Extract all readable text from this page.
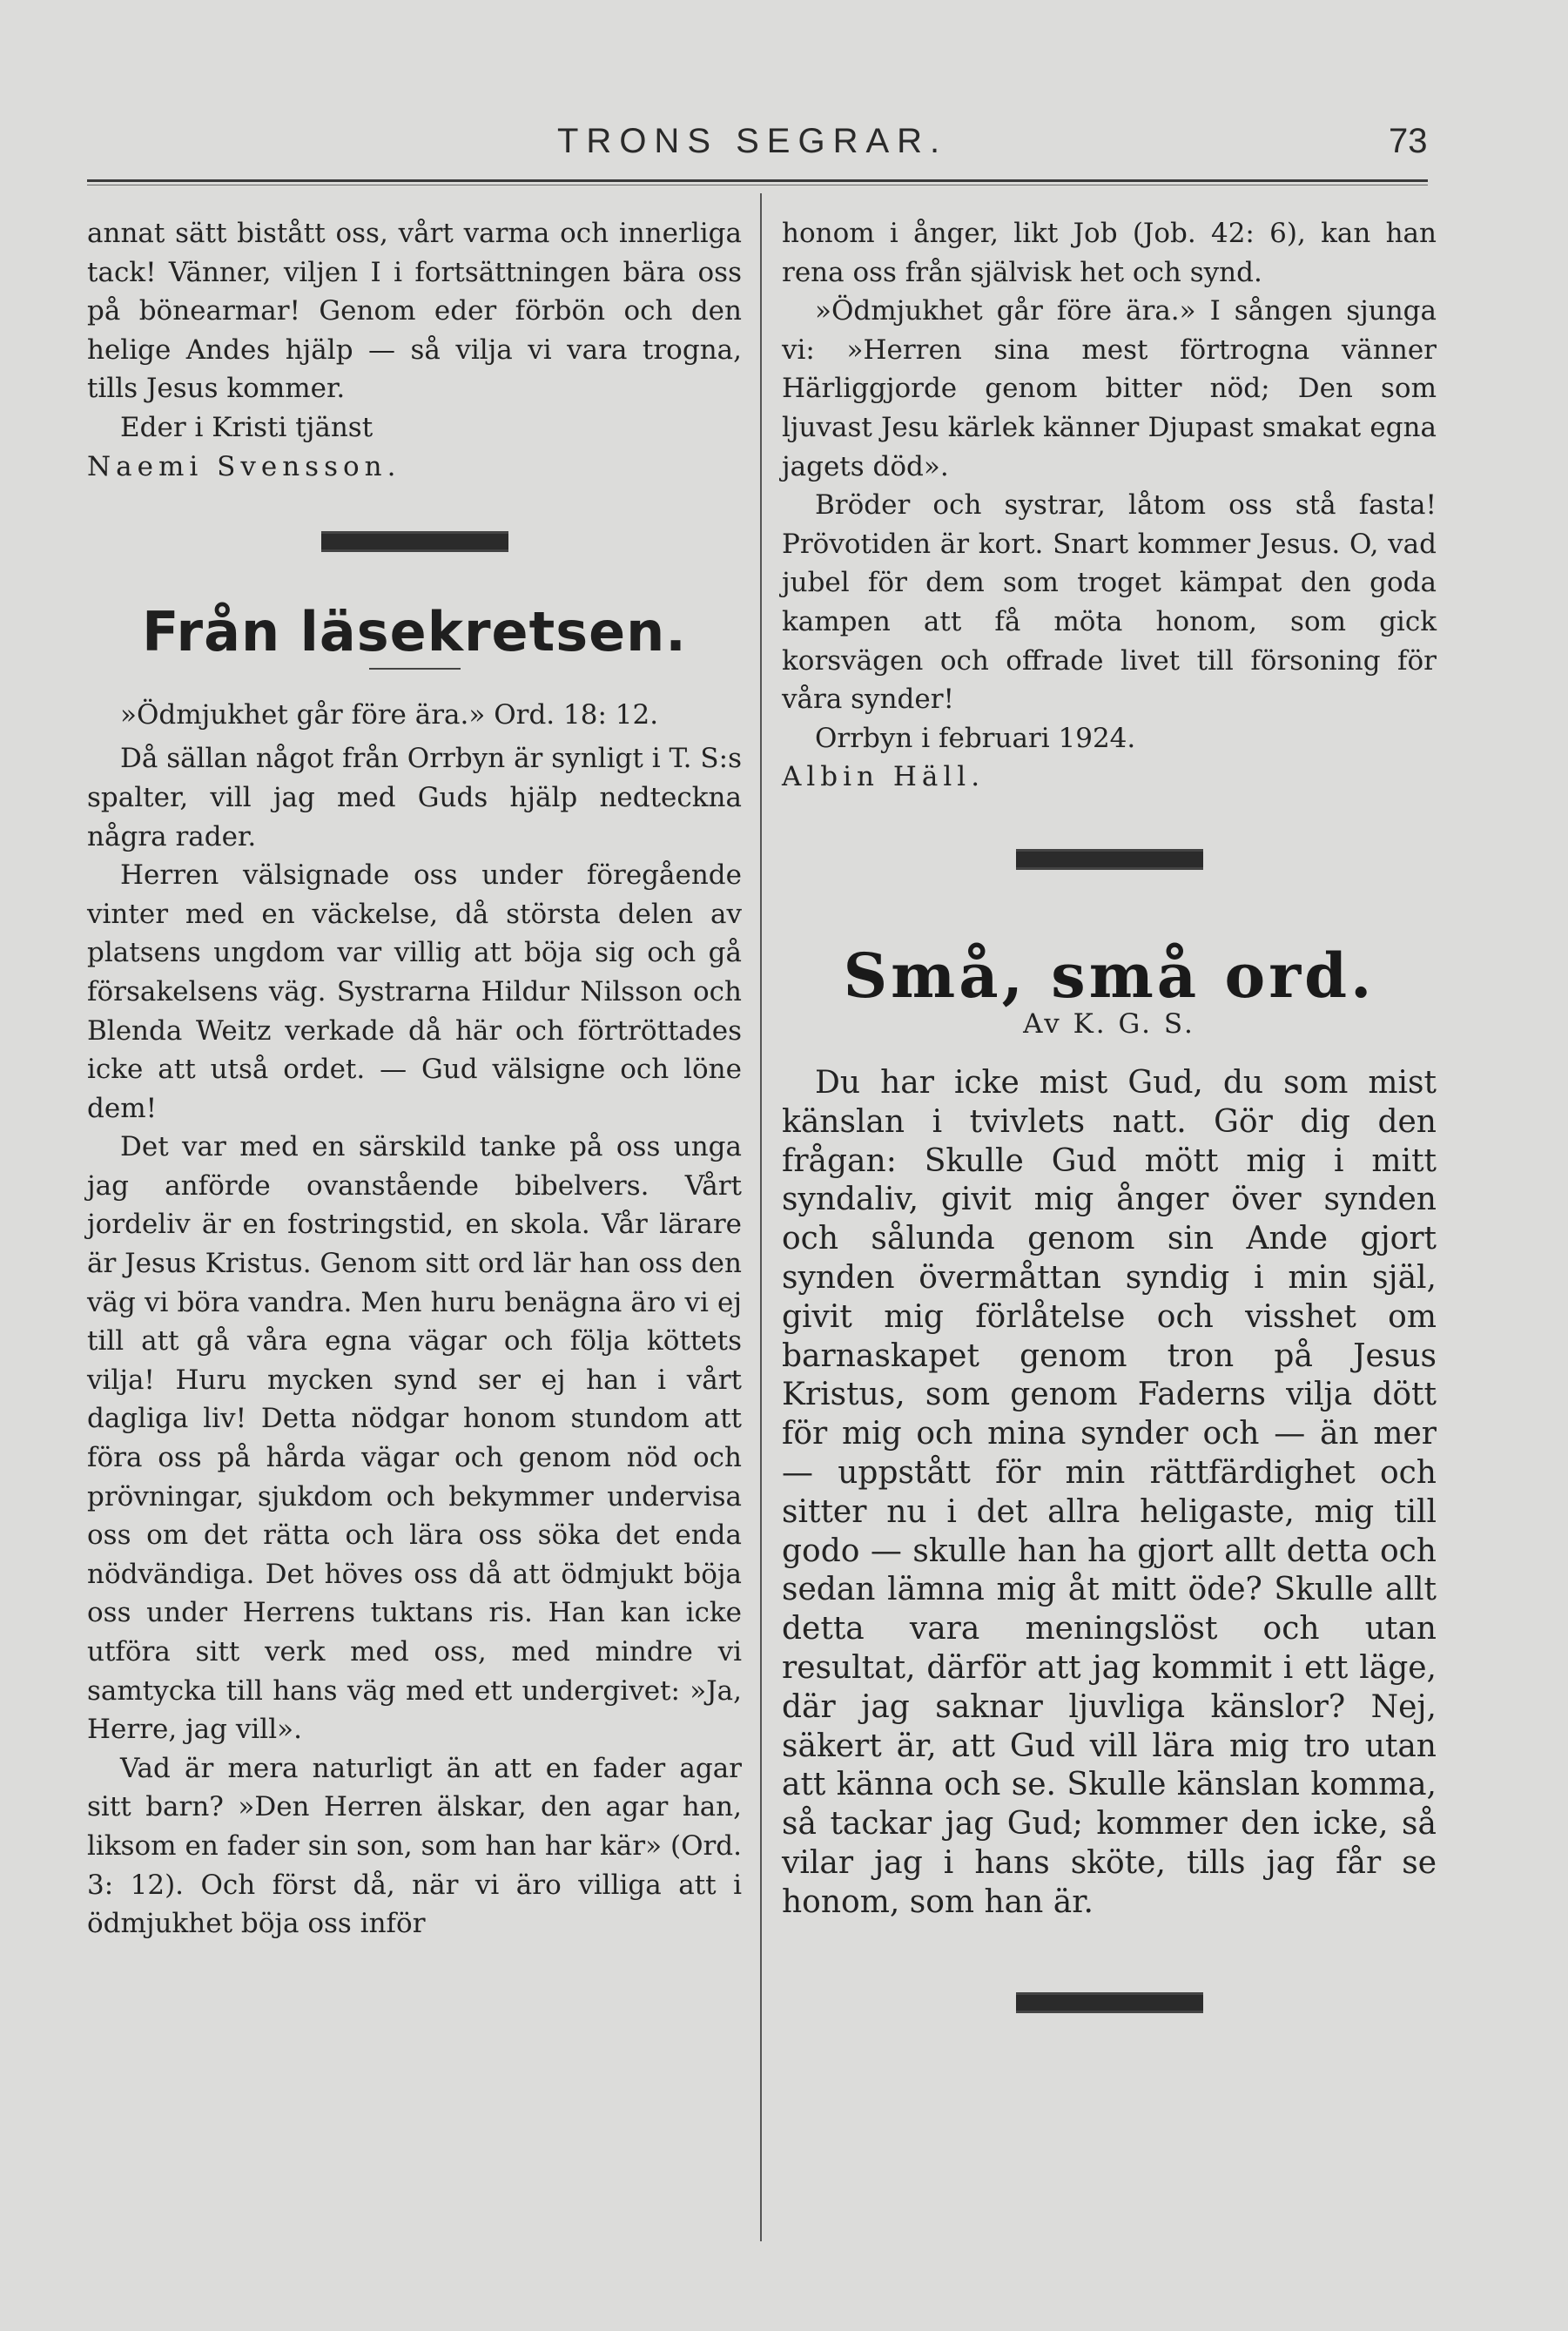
TRONS SEGRAR.	73

annat sätt bistått oss, vårt varma och innerliga tack! Vänner, viljen I i fortsättningen bära oss på bönearmar! Genom eder förbön och den helige Andes hjälp — så vilja vi vara trogna, tills Jesus kommer.

Eder i Kristi tjänst

Naemi Svensson.

Från läsekretsen.

»Ödmjukhet går före ära.» Ord. 18: 12.

Då sällan något från Orrbyn är synligt i T. S:s spalter, vill jag med Guds hjälp nedteckna några rader.

Herren välsignade oss under föregående vinter med en väckelse, då största delen av platsens ungdom var villig att böja sig och gå försakelsens väg. Systrarna Hildur Nilsson och Blenda Weitz verkade då här och förtröttades icke att utså ordet. — Gud välsigne och löne dem!

Det var med en särskild tanke på oss unga jag anförde ovanstående bibelvers. Vårt jordeliv är en fostringstid, en skola. Vår lärare är Jesus Kristus. Genom sitt ord lär han oss den väg vi böra vandra. Men huru benägna äro vi ej till att gå våra egna vägar och följa köttets vilja! Huru mycken synd ser ej han i vårt dagliga liv! Detta nödgar honom stundom att föra oss på hårda vägar och genom nöd och prövningar, sjukdom och bekymmer undervisa oss om det rätta och lära oss söka det enda nödvändiga. Det höves oss då att ödmjukt böja oss under Herrens tuktans ris. Han kan icke utföra sitt verk med oss, med mindre vi samtycka till hans väg med ett undergivet: »Ja, Herre, jag vill».

Vad är mera naturligt än att en fader agar sitt barn? »Den Herren älskar, den agar han, liksom en fader sin son, som han har kär» (Ord. 3: 12). Och först då, när vi äro villiga att i ödmjukhet böja oss inför

honom i ånger, likt Job (Job. 42: 6), kan han rena oss från självisk het och synd.

»Ödmjukhet går före ära.» I sången sjunga vi: »Herren sina mest förtrogna vänner Härliggjorde genom bitter nöd; Den som ljuvast Jesu kärlek känner Djupast smakat egna jagets död».

Bröder och systrar, låtom oss stå fasta! Prövotiden är kort. Snart kommer Jesus. O, vad jubel för dem som troget kämpat den goda kampen att få möta honom, som gick korsvägen och offrade livet till försoning för våra synder!

Orrbyn i februari 1924.

Albin Häll.

Små, små ord.
Av K. G. S.

Du har icke mist Gud, du som mist känslan i tvivlets natt. Gör dig den frågan: Skulle Gud mött mig i mitt syndaliv, givit mig ånger över synden och sålunda genom sin Ande gjort synden övermåttan syndig i min själ, givit mig förlåtelse och visshet om barnaskapet genom tron på Jesus Kristus, som genom Faderns vilja dött för mig och mina synder och — än mer — uppstått för min rättfärdighet och sitter nu i det allra heligaste, mig till godo — skulle han ha gjort allt detta och sedan lämna mig åt mitt öde? Skulle allt detta vara meningslöst och utan resultat, därför att jag kommit i ett läge, där jag saknar ljuvliga känslor? Nej, säkert är, att Gud vill lära mig tro utan att känna och se. Skulle känslan komma, så tackar jag Gud; kommer den icke, så vilar jag i hans sköte, tills jag får se honom, som han är.
